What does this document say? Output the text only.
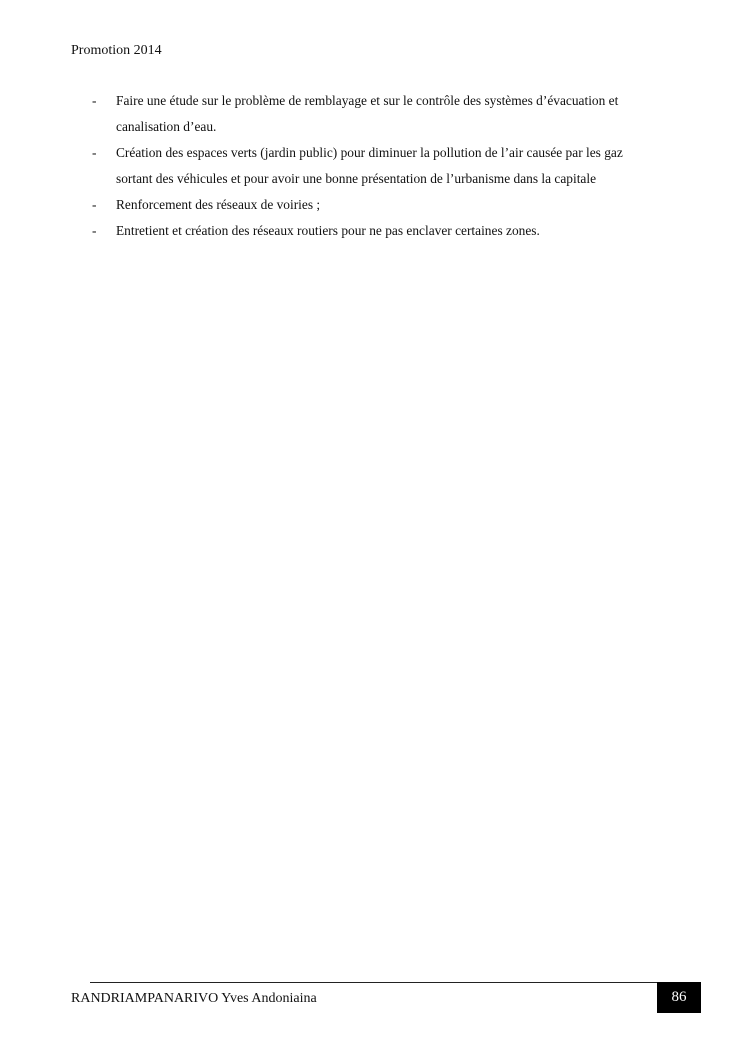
Promotion 2014
- Faire une étude sur le problème de remblayage et sur le contrôle des systèmes d’évacuation et canalisation d’eau.
- Création des espaces verts (jardin public) pour diminuer la pollution de l’air causée par les gaz sortant des véhicules et pour avoir une bonne présentation de l’urbanisme dans la capitale
- Renforcement des réseaux de voiries ;
- Entretient et création des réseaux routiers pour ne pas enclaver certaines zones.
RANDRIAMPANARIVO Yves Andoniaina	86
